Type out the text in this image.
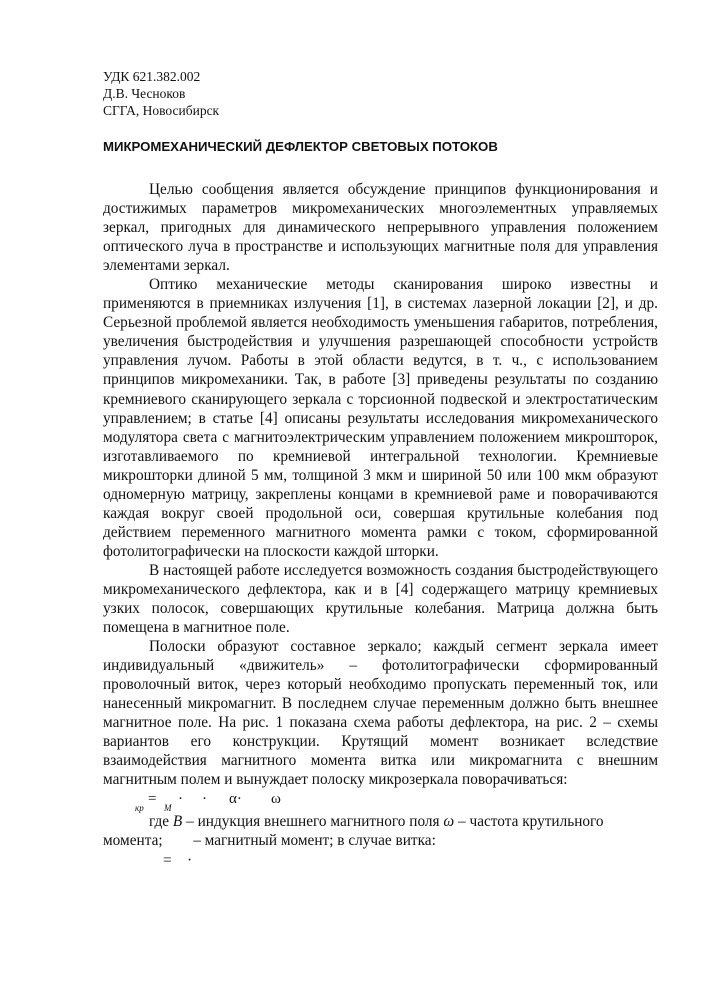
УДК 621.382.002
Д.В. Чесноков
СГГА, Новосибирск
МИКРОМЕХАНИЧЕСКИЙ ДЕФЛЕКТОР СВЕТОВЫХ ПОТОКОВ

Целью сообщения является обсуждение принципов функционирования и достижимых параметров микромеханических многоэлементных управляемых зеркал, пригодных для динамического непрерывного управления положением оптического луча в пространстве и использующих магнитные поля для управления элементами зеркал.

Оптико механические методы сканирования широко известны и применяются в приемниках излучения [1], в системах лазерной локации [2], и др. Серьезной проблемой является необходимость уменьшения габаритов, потребления, увеличения быстродействия и улучшения разрешающей способности устройств управления лучом. Работы в этой области ведутся, в т. ч., с использованием принципов микромеханики. Так, в работе [3] приведены результаты по созданию кремниевого сканирующего зеркала с торсионной подвеской и электростатическим управлением; в статье [4] описаны результаты исследования микромеханического модулятора света с магнитоэлектрическим управлением положением микрошторок, изготавливаемого по кремниевой интегральной технологии. Кремниевые микрошторки длиной 5 мм, толщиной 3 мкм и шириной 50 или 100 мкм образуют одномерную матрицу, закреплены концами в кремниевой раме и поворачиваются каждая вокруг своей продольной оси, совершая крутильные колебания под действием переменного магнитного момента рамки с током, сформированной фотолитографически на плоскости каждой шторки.

В настоящей работе исследуется возможность создания быстродействующего микромеханического дефлектора, как и в [4] содержащего матрицу кремниевых узких полосок, совершающих крутильные колебания. Матрица должна быть помещена в магнитное поле.

Полоски образуют составное зеркало; каждый сегмент зеркала имеет индивидуальный «движитель» – фотолитографически сформированный проволочный виток, через который необходимо пропускать переменный ток, или нанесенный микромагнит. В последнем случае переменным должно быть внешнее магнитное поле. На рис. 1 показана схема работы дефлектора, на рис. 2 – схемы вариантов его конструкции. Крутящий момент возникает вследствие взаимодействия магнитного момента витка или микромагнита с внешним магнитным полем и вынуждает полоску микрозеркала поворачиваться:

кр
=
M
· · α· ω

где B – индукция внешнего магнитного поля ω – частота крутильного

момента;        – магнитный момент; в случае витка:

= ·
